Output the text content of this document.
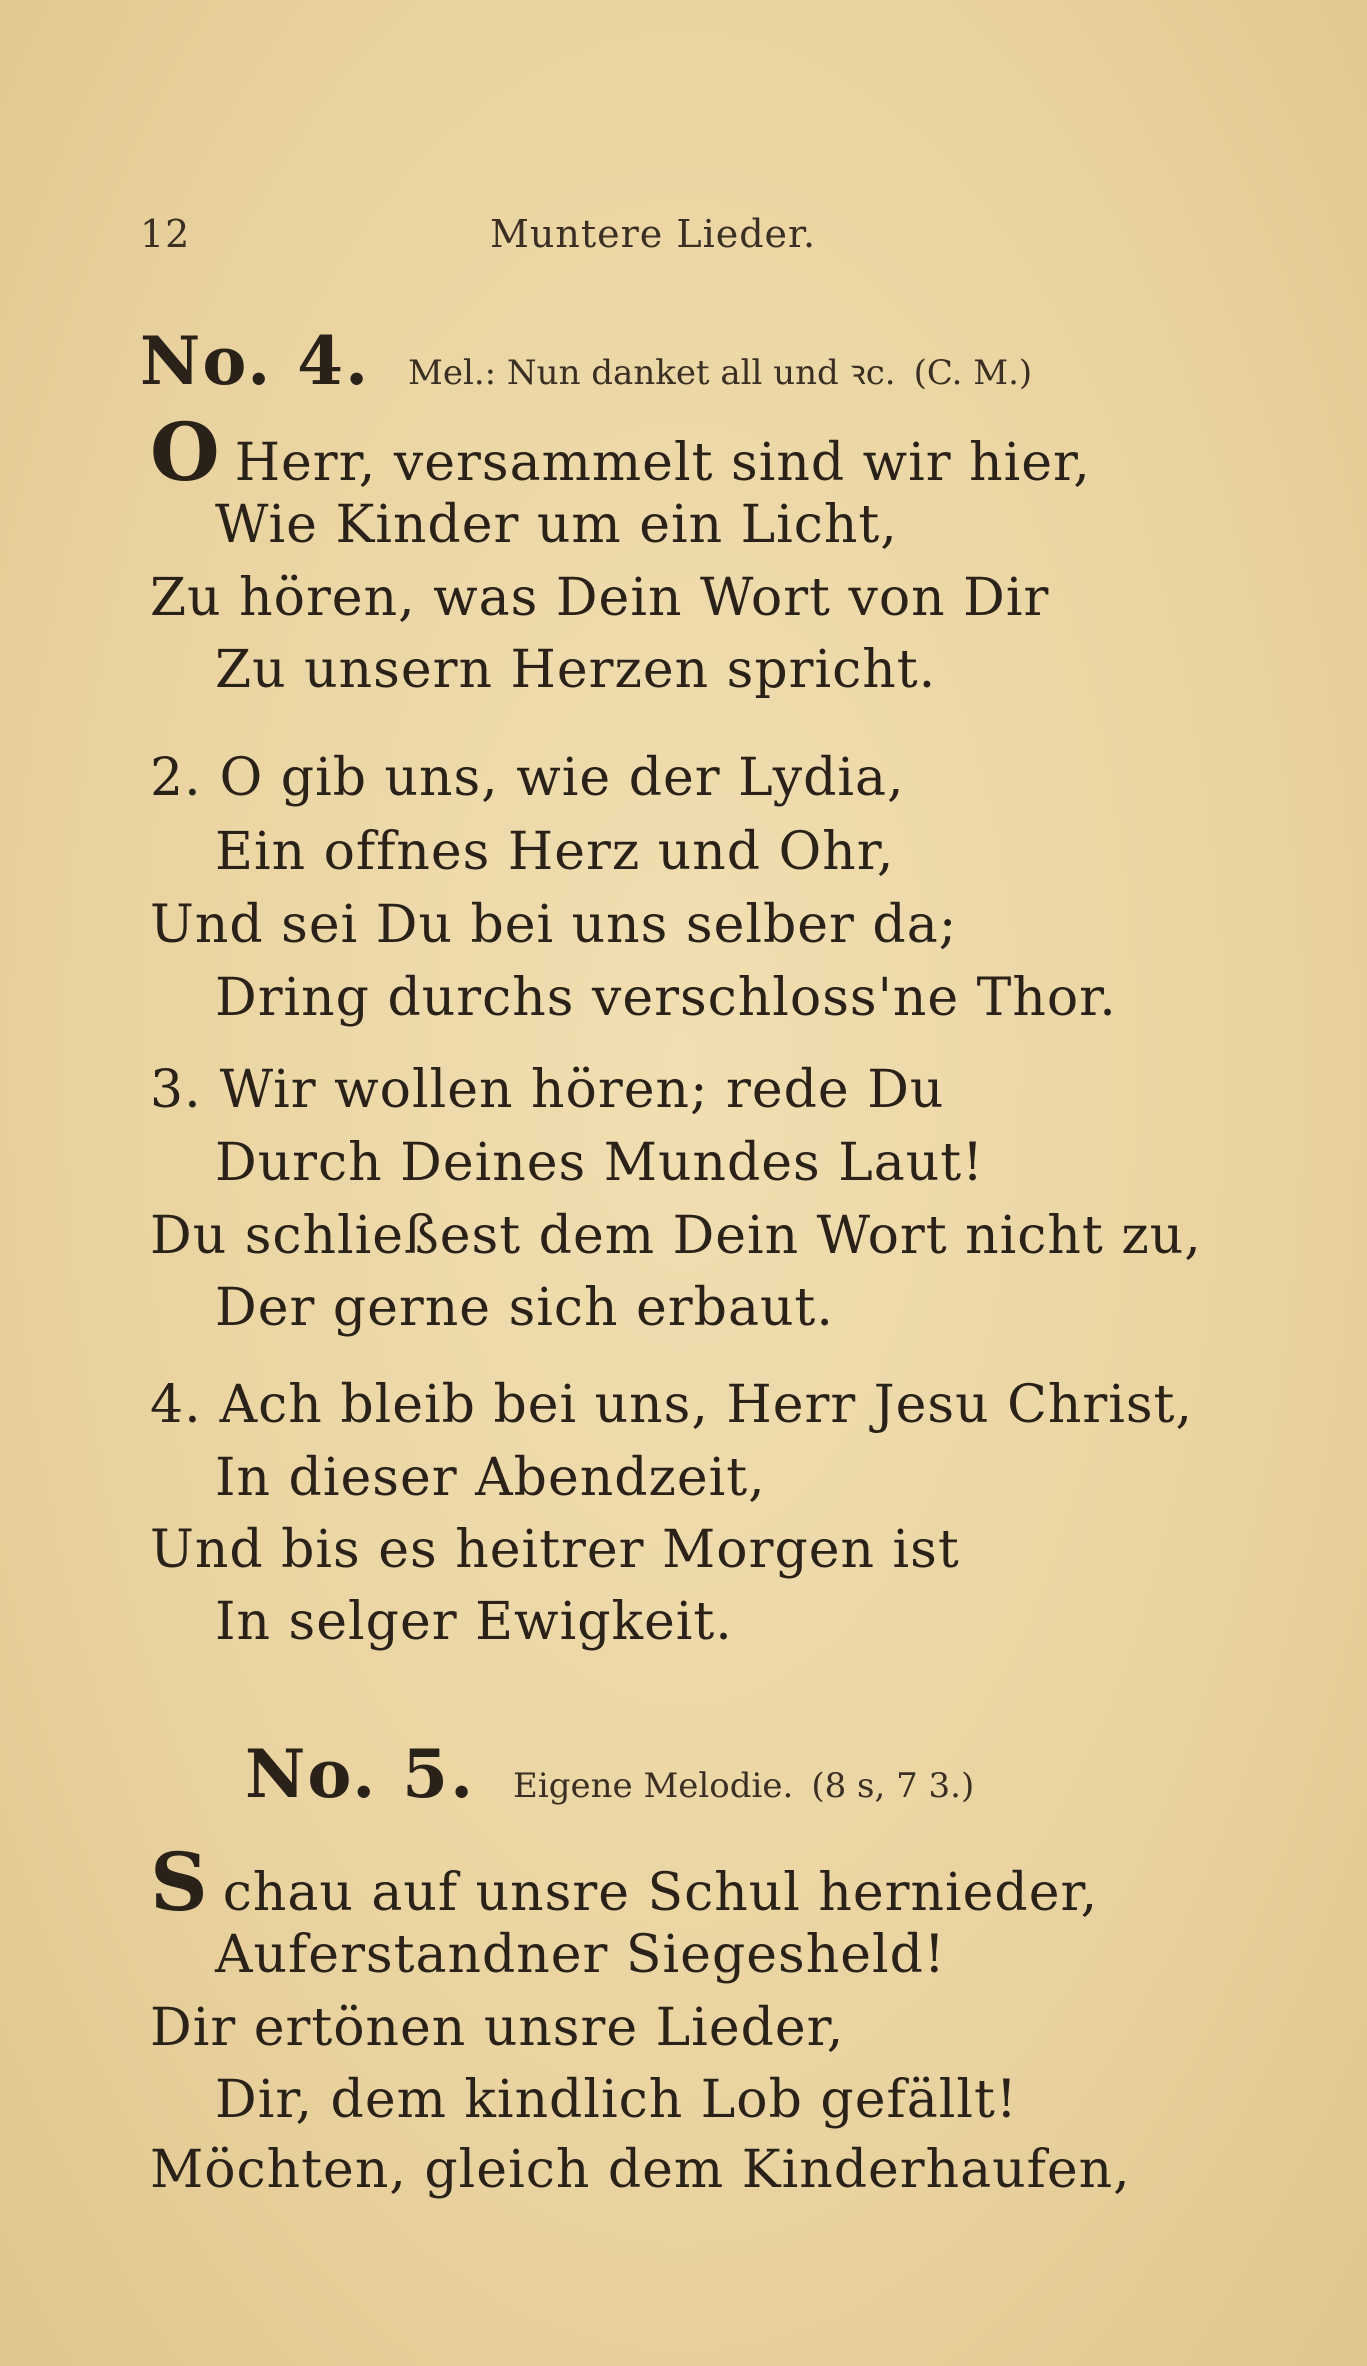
12	Muntere Lieder.
No. 4. Mel.: Nun danket all und ꝛc. (C. M.)
O Herr, versammelt sind wir hier,
Wie Kinder um ein Licht,
Zu hören, was Dein Wort von Dir
Zu unsern Herzen spricht.
2. O gib uns, wie der Lydia,
Ein offnes Herz und Ohr,
Und sei Du bei uns selber da;
Dring durchs verschloss'ne Thor.
3. Wir wollen hören; rede Du
Durch Deines Mundes Laut!
Du schließest dem Dein Wort nicht zu,
Der gerne sich erbaut.
4. Ach bleib bei uns, Herr Jesu Christ,
In dieser Abendzeit,
Und bis es heitrer Morgen ist
In selger Ewigkeit.
No. 5. Eigene Melodie. (8 s, 7 3.)
Schau auf unsre Schul hernieder,
Auferstandner Siegesheld!
Dir ertönen unsre Lieder,
Dir, dem kindlich Lob gefällt!
Möchten, gleich dem Kinderhaufen,
